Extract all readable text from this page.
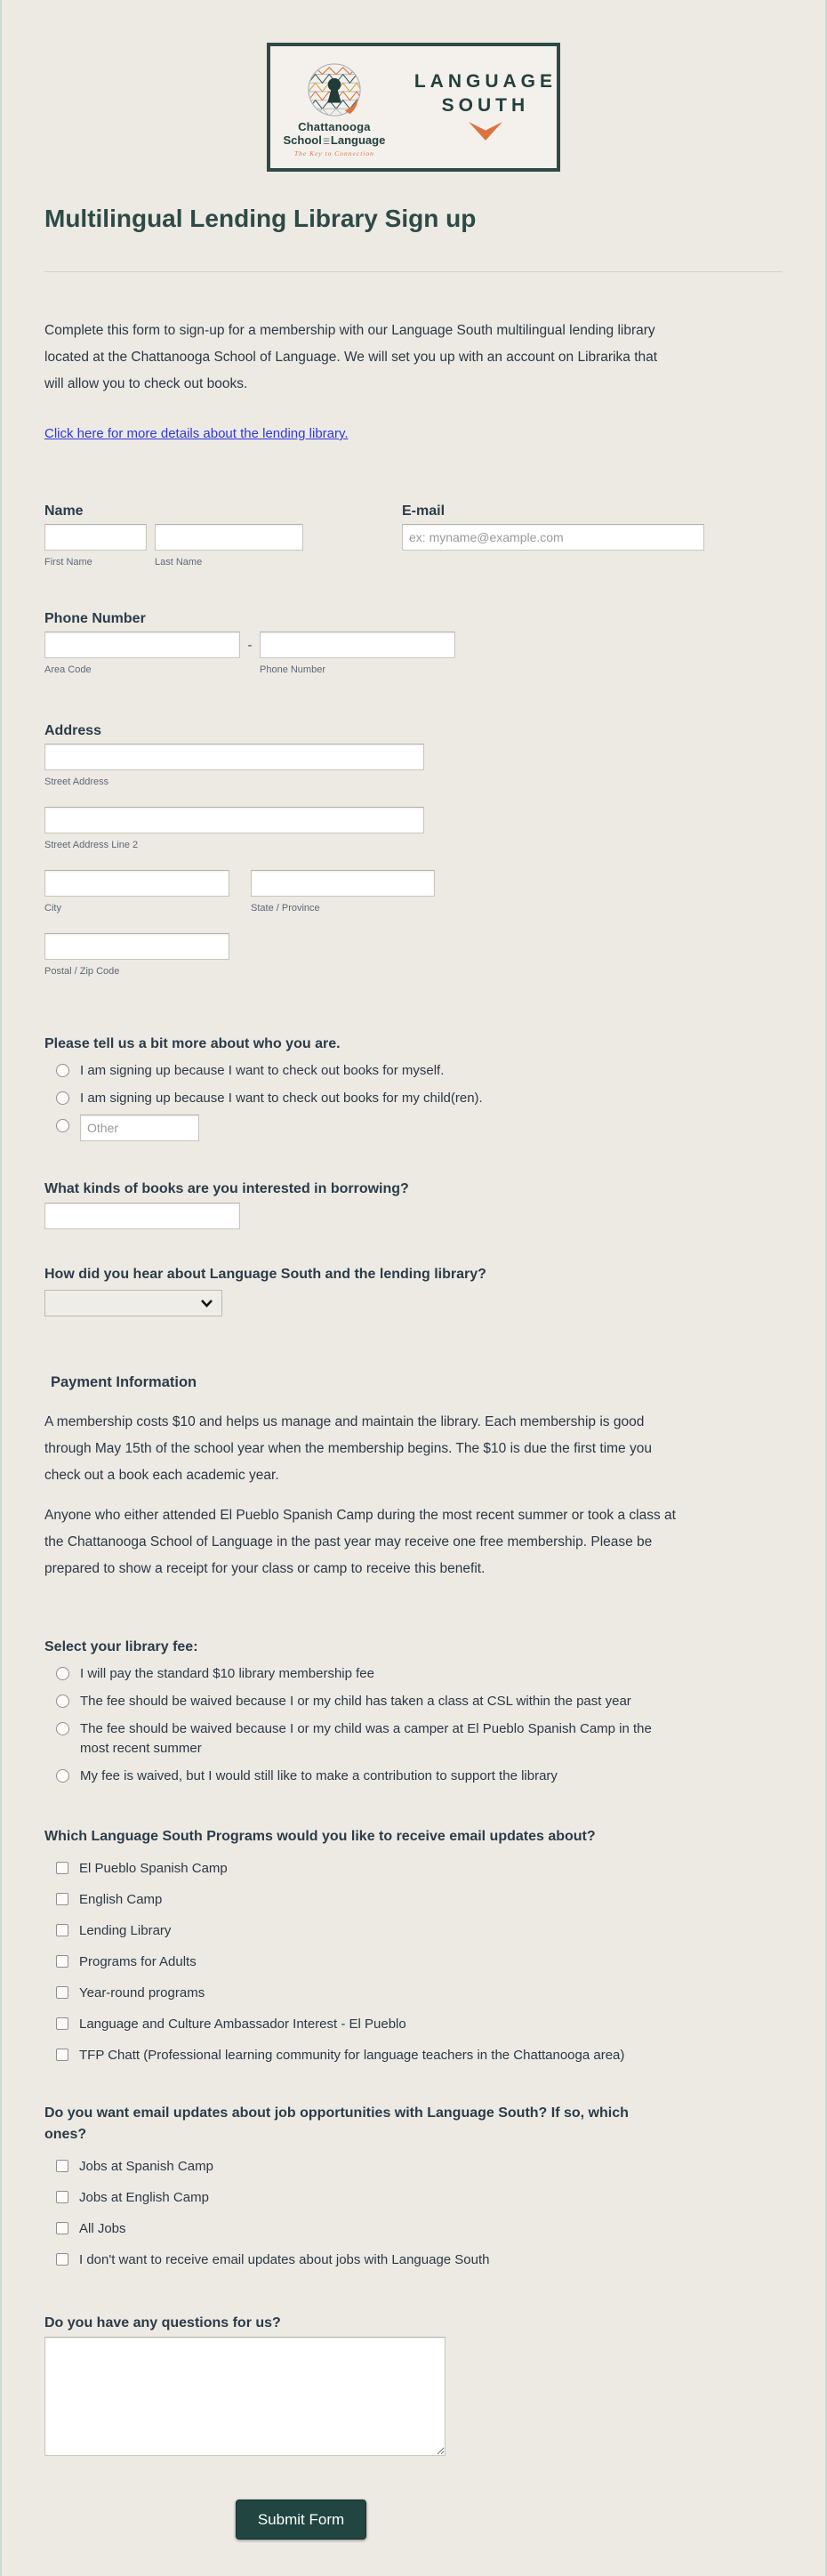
Chattanooga
School☰Language
The Key to Connection
LANGUAGE
SOUTH
Multilingual Lending Library Sign up

Complete this form to sign-up for a membership with our Language South multilingual lending library located at the Chattanooga School of Language. We will set you up with an account on Librarika that will allow you to check out books.

Click here for more details about the lending library.
Name
First Name	Last Name
E-mail
ex: myname@example.com
Phone Number
-
Area Code	Phone Number
Address
Street Address
Street Address Line 2
City	State / Province
Postal / Zip Code
Please tell us a bit more about who you are.
I am signing up because I want to check out books for myself.
I am signing up because I want to check out books for my child(ren).
Other
What kinds of books are you interested in borrowing?
How did you hear about Language South and the lending library?
Payment Information

A membership costs $10 and helps us manage and maintain the library. Each membership is good through May 15th of the school year when the membership begins. The $10 is due the first time you check out a book each academic year.

Anyone who either attended El Pueblo Spanish Camp during the most recent summer or took a class at the Chattanooga School of Language in the past year may receive one free membership. Please be prepared to show a receipt for your class or camp to receive this benefit.

Select your library fee:
I will pay the standard $10 library membership fee
The fee should be waived because I or my child has taken a class at CSL within the past year
The fee should be waived because I or my child was a camper at El Pueblo Spanish Camp in the most recent summer
My fee is waived, but I would still like to make a contribution to support the library
Which Language South Programs would you like to receive email updates about?
El Pueblo Spanish Camp
English Camp
Lending Library
Programs for Adults
Year-round programs
Language and Culture Ambassador Interest - El Pueblo
TFP Chatt (Professional learning community for language teachers in the Chattanooga area)
Do you want email updates about job opportunities with Language South? If so, which ones?
Jobs at Spanish Camp
Jobs at English Camp
All Jobs
I don't want to receive email updates about jobs with Language South
Do you have any questions for us?
Submit Form
